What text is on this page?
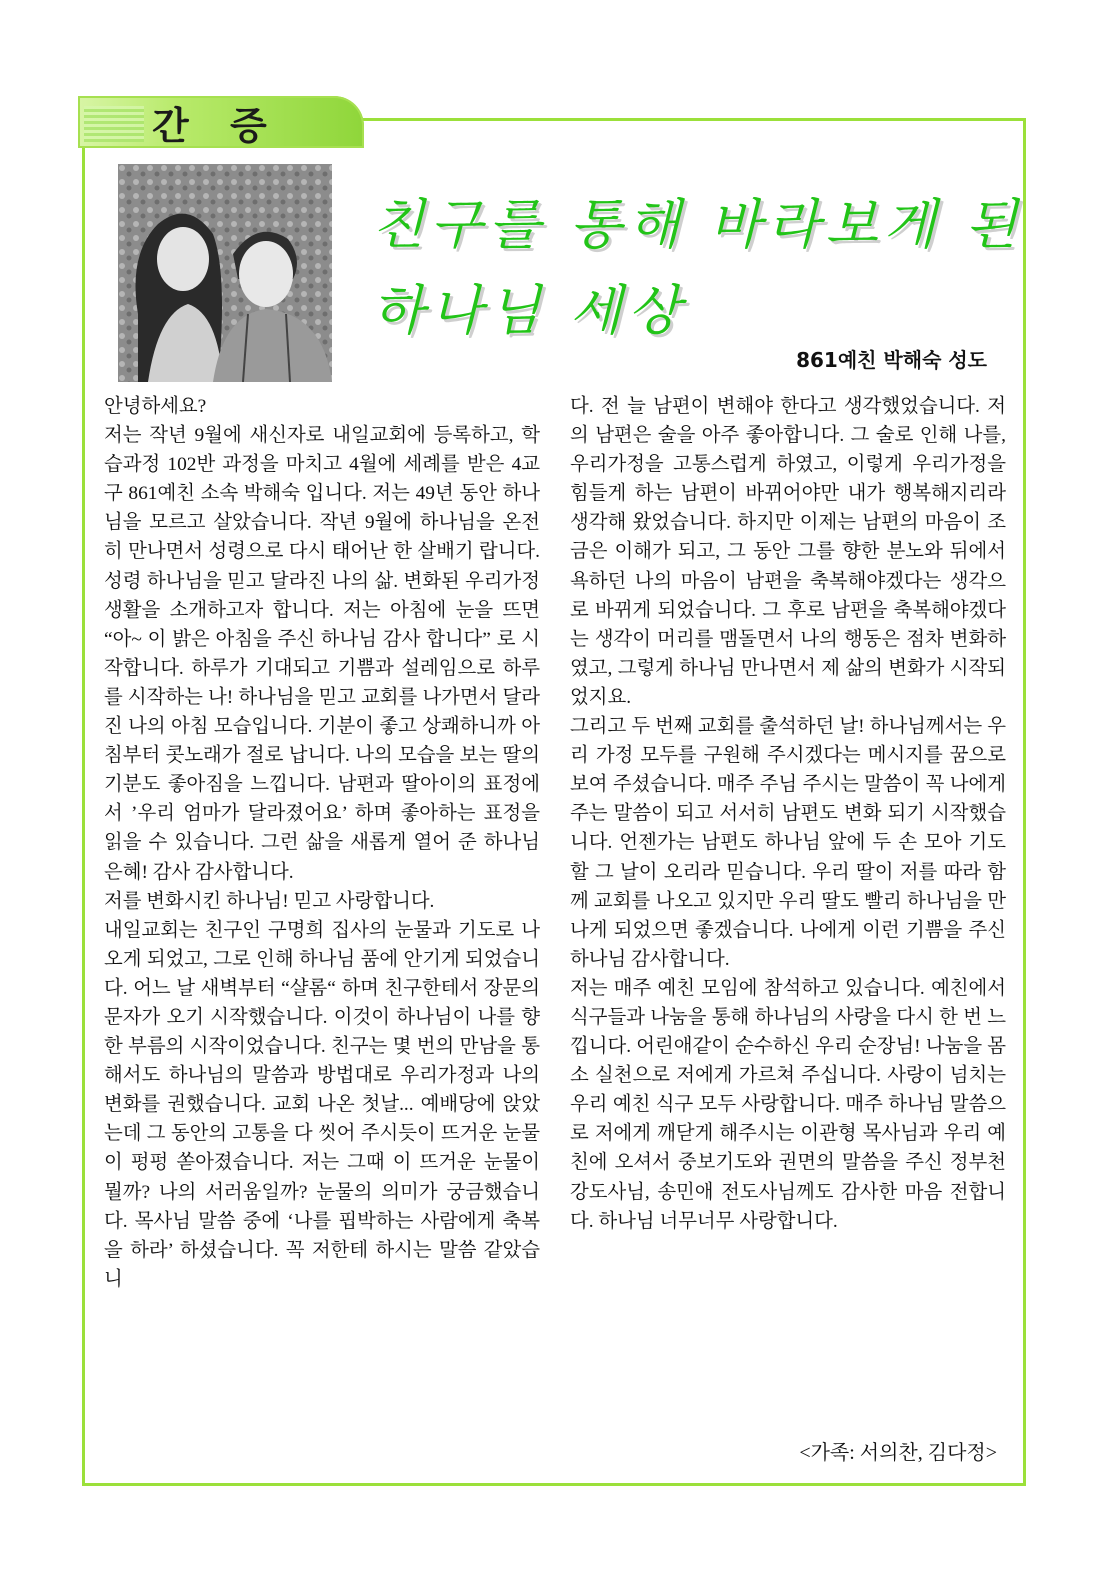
간 증
친구를 통해 바라보게 된
하나님 세상
861예친 박해숙 성도

안녕하세요?

저는 작년 9월에 새신자로 내일교회에 등록하고, 학습과정 102반 과정을 마치고 4월에 세례를 받은 4교구 861예친 소속 박해숙 입니다. 저는 49년 동안 하나님을 모르고 살았습니다. 작년 9월에 하나님을 온전히 만나면서 성령으로 다시 태어난 한 살배기 랍니다. 성령 하나님을 믿고 달라진 나의 삶. 변화된 우리가정생활을 소개하고자 합니다. 저는 아침에 눈을 뜨면 “아~ 이 밝은 아침을 주신 하나님 감사 합니다” 로 시작합니다. 하루가 기대되고 기쁨과 설레임으로 하루를 시작하는 나! 하나님을 믿고 교회를 나가면서 달라진 나의 아침 모습입니다. 기분이 좋고 상쾌하니까 아침부터 콧노래가 절로 납니다. 나의 모습을 보는 딸의 기분도 좋아짐을 느낍니다. 남편과 딸아이의 표정에서 ’우리 엄마가 달라졌어요’ 하며 좋아하는 표정을 읽을 수 있습니다. 그런 삶을 새롭게 열어 준 하나님 은혜! 감사 감사합니다.

저를 변화시킨 하나님! 믿고 사랑합니다.

내일교회는 친구인 구명희 집사의 눈물과 기도로 나오게 되었고, 그로 인해 하나님 품에 안기게 되었습니다. 어느 날 새벽부터 “샬롬“ 하며 친구한테서 장문의 문자가 오기 시작했습니다. 이것이 하나님이 나를 향한 부름의 시작이었습니다. 친구는 몇 번의 만남을 통해서도 하나님의 말씀과 방법대로 우리가정과 나의 변화를 권했습니다. 교회 나온 첫날... 예배당에 앉았는데 그 동안의 고통을 다 씻어 주시듯이 뜨거운 눈물이 펑펑 쏟아졌습니다. 저는 그때 이 뜨거운 눈물이 뭘까? 나의 서러움일까? 눈물의 의미가 궁금했습니다. 목사님 말씀 중에 ‘나를 핍박하는 사람에게 축복을 하라’ 하셨습니다. 꼭 저한테 하시는 말씀 같았습니

다. 전 늘 남편이 변해야 한다고 생각했었습니다. 저의 남편은 술을 아주 좋아합니다. 그 술로 인해 나를, 우리가정을 고통스럽게 하였고, 이렇게 우리가정을 힘들게 하는 남편이 바뀌어야만 내가 행복해지리라 생각해 왔었습니다. 하지만 이제는 남편의 마음이 조금은 이해가 되고, 그 동안 그를 향한 분노와 뒤에서 욕하던 나의 마음이 남편을 축복해야겠다는 생각으로 바뀌게 되었습니다. 그 후로 남편을 축복해야겠다는 생각이 머리를 맴돌면서 나의 행동은 점차 변화하였고, 그렇게 하나님 만나면서 제 삶의 변화가 시작되었지요.

그리고 두 번째 교회를 출석하던 날! 하나님께서는 우리 가정 모두를 구원해 주시겠다는 메시지를 꿈으로 보여 주셨습니다. 매주 주님 주시는 말씀이 꼭 나에게 주는 말씀이 되고 서서히 남편도 변화 되기 시작했습니다. 언젠가는 남편도 하나님 앞에 두 손 모아 기도할 그 날이 오리라 믿습니다. 우리 딸이 저를 따라 함께 교회를 나오고 있지만 우리 딸도 빨리 하나님을 만나게 되었으면 좋겠습니다. 나에게 이런 기쁨을 주신 하나님 감사합니다.

저는 매주 예친 모임에 참석하고 있습니다. 예친에서 식구들과 나눔을 통해 하나님의 사랑을 다시 한 번 느낍니다. 어린애같이 순수하신 우리 순장님! 나눔을 몸소 실천으로 저에게 가르쳐 주십니다. 사랑이 넘치는 우리 예친 식구 모두 사랑합니다. 매주 하나님 말씀으로 저에게 깨닫게 해주시는 이관형 목사님과 우리 예친에 오셔서 중보기도와 권면의 말씀을 주신 정부천 강도사님, 송민애 전도사님께도 감사한 마음 전합니다. 하나님 너무너무 사랑합니다.

<가족: 서의찬, 김다정>
